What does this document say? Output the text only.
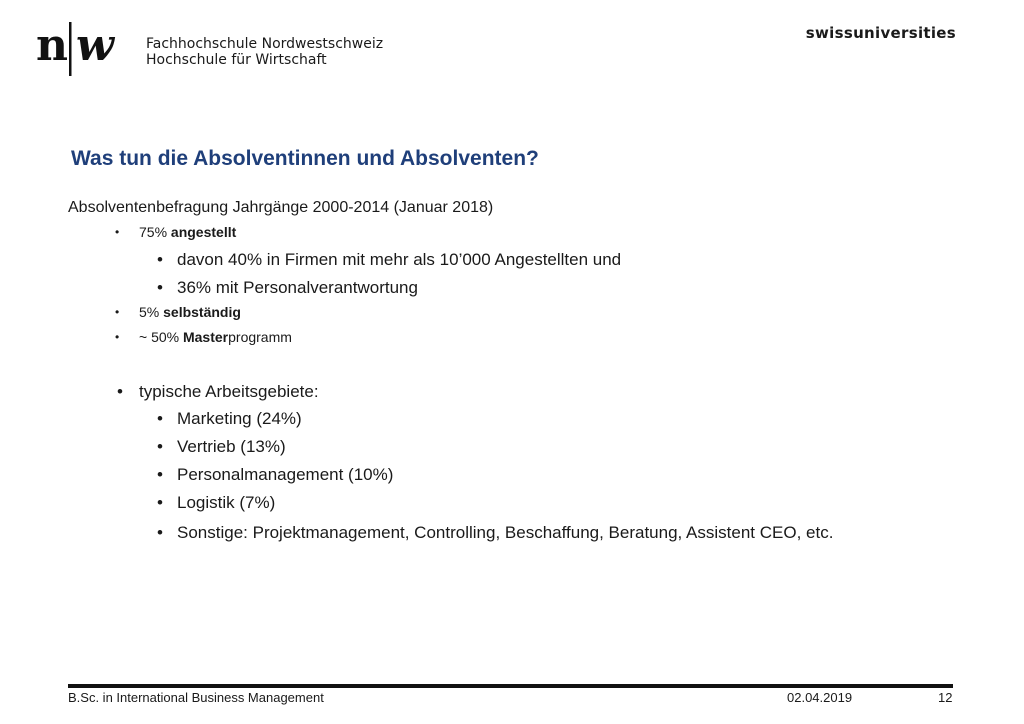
n w Fachhochschule Nordwestschweiz
Hochschule für Wirtschaft
swissuniversities
Was tun die Absolventinnen und Absolventen?

Absolventenbefragung Jahrgänge 2000-2014 (Januar 2018)

• 75% angestellt
• davon 40% in Firmen mit mehr als 10’000 Angestellten und
• 36% mit Personalverantwortung
• 5% selbständig
• ~ 50% Masterprogramm
• typische Arbeitsgebiete:
• Marketing (24%)
• Vertrieb (13%)
• Personalmanagement (10%)
• Logistik (7%)
• Sonstige: Projektmanagement, Controlling, Beschaffung, Beratung, Assistent CEO, etc.
B.Sc. in International Business Management	02.04.2019	12
